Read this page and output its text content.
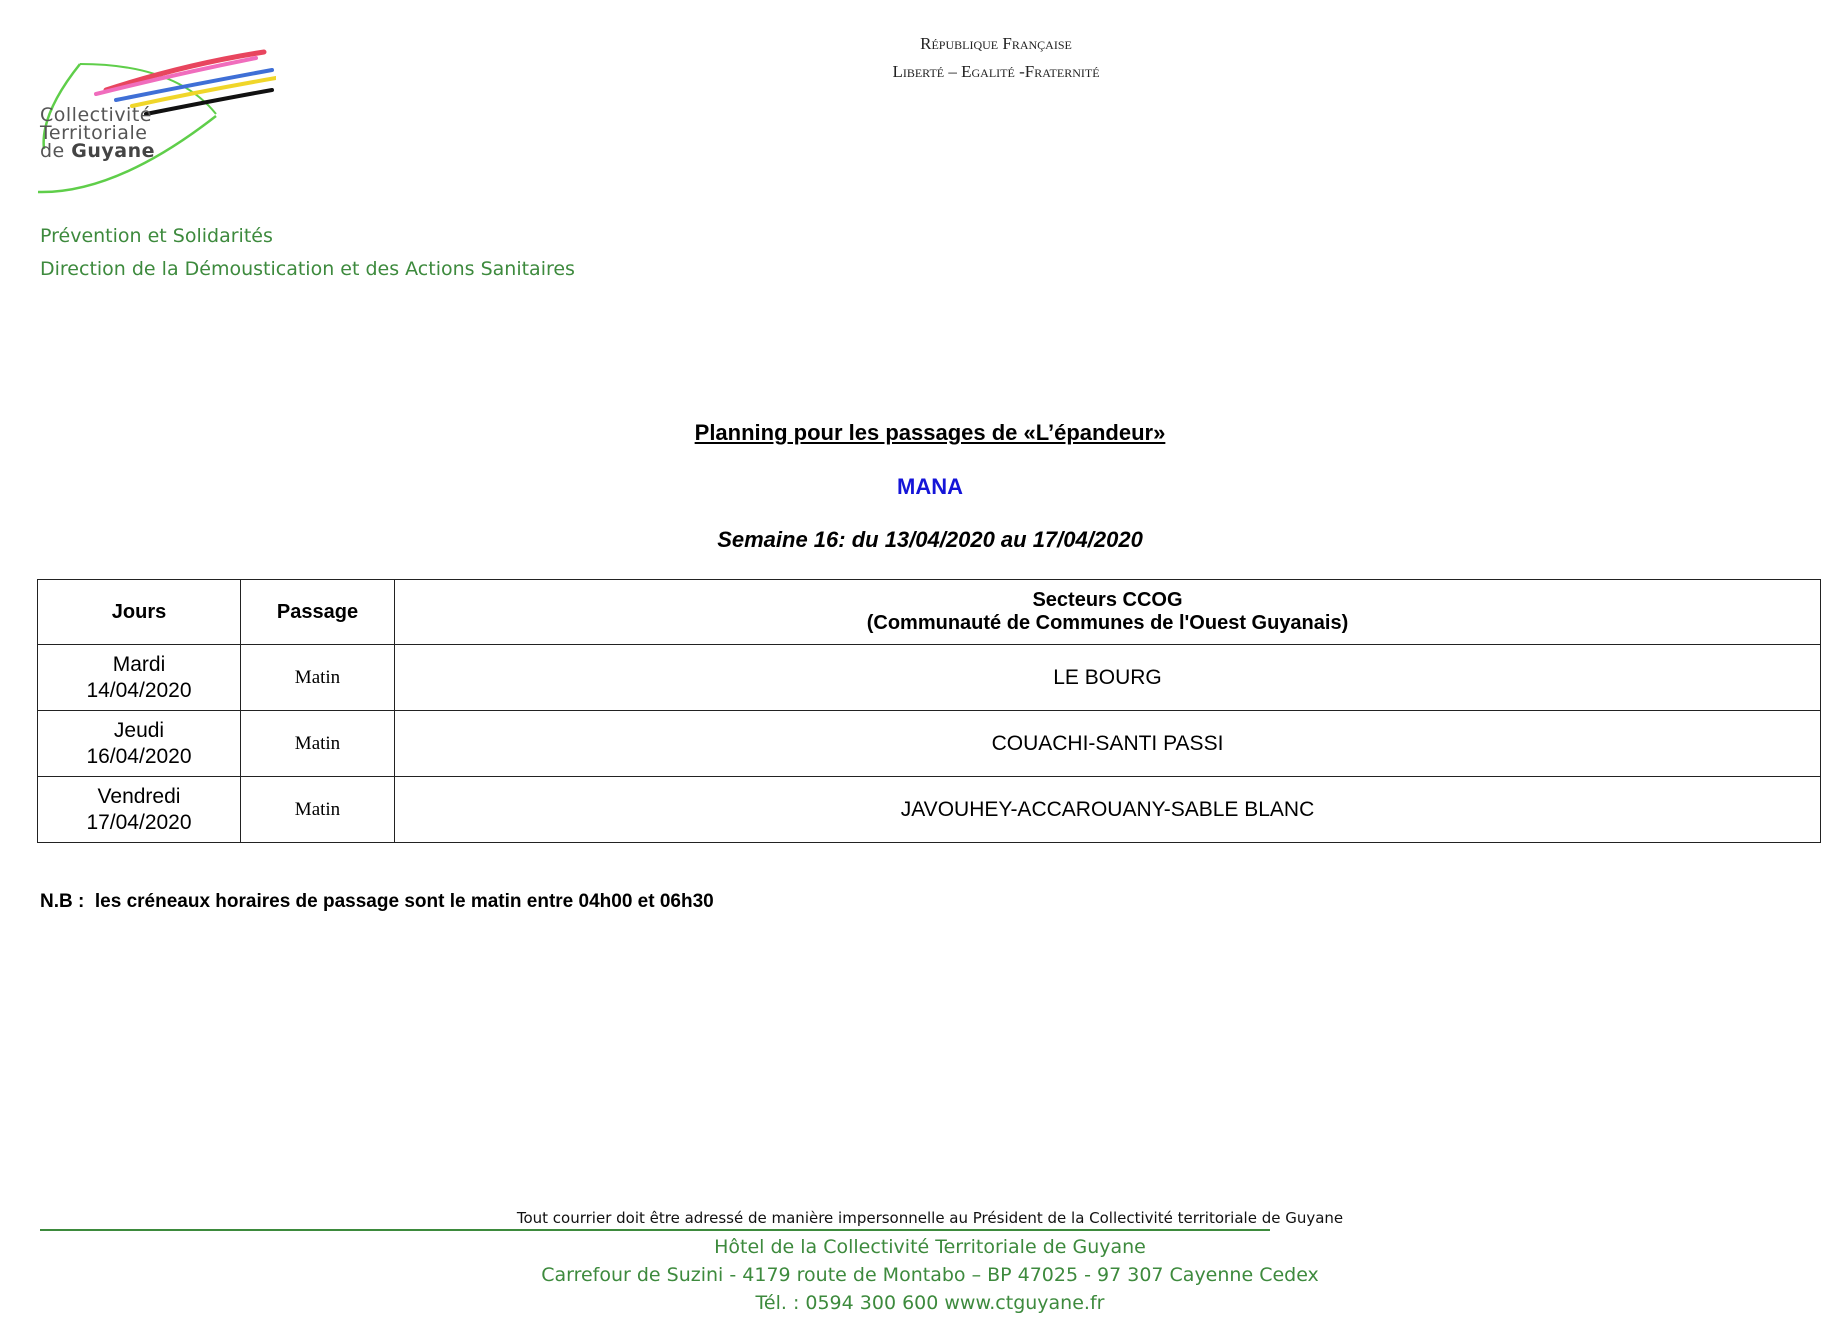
Collectivité
Territoriale
de Guyane
Prévention et Solidarités
Direction de la Démoustication et des Actions Sanitaires
République Française
Liberté – Egalité -Fraternité
Planning pour les passages de «L’épandeur»
MANA
Semaine 16: du 13/04/2020 au 17/04/2020
Jours	Passage	Secteurs CCOG
(Communauté de Communes de l'Ouest Guyanais)

Mardi
14/04/2020	Matin	LE BOURG

Jeudi
16/04/2020	Matin	COUACHI-SANTI PASSI

Vendredi
17/04/2020	Matin	JAVOUHEY-ACCAROUANY-SABLE BLANC
N.B :  les créneaux horaires de passage sont le matin entre 04h00 et 06h30
Tout courrier doit être adressé de manière impersonnelle au Président de la Collectivité territoriale de Guyane
Hôtel de la Collectivité Territoriale de Guyane
Carrefour de Suzini - 4179 route de Montabo – BP 47025 - 97 307 Cayenne Cedex
Tél. : 0594 300 600 www.ctguyane.fr
